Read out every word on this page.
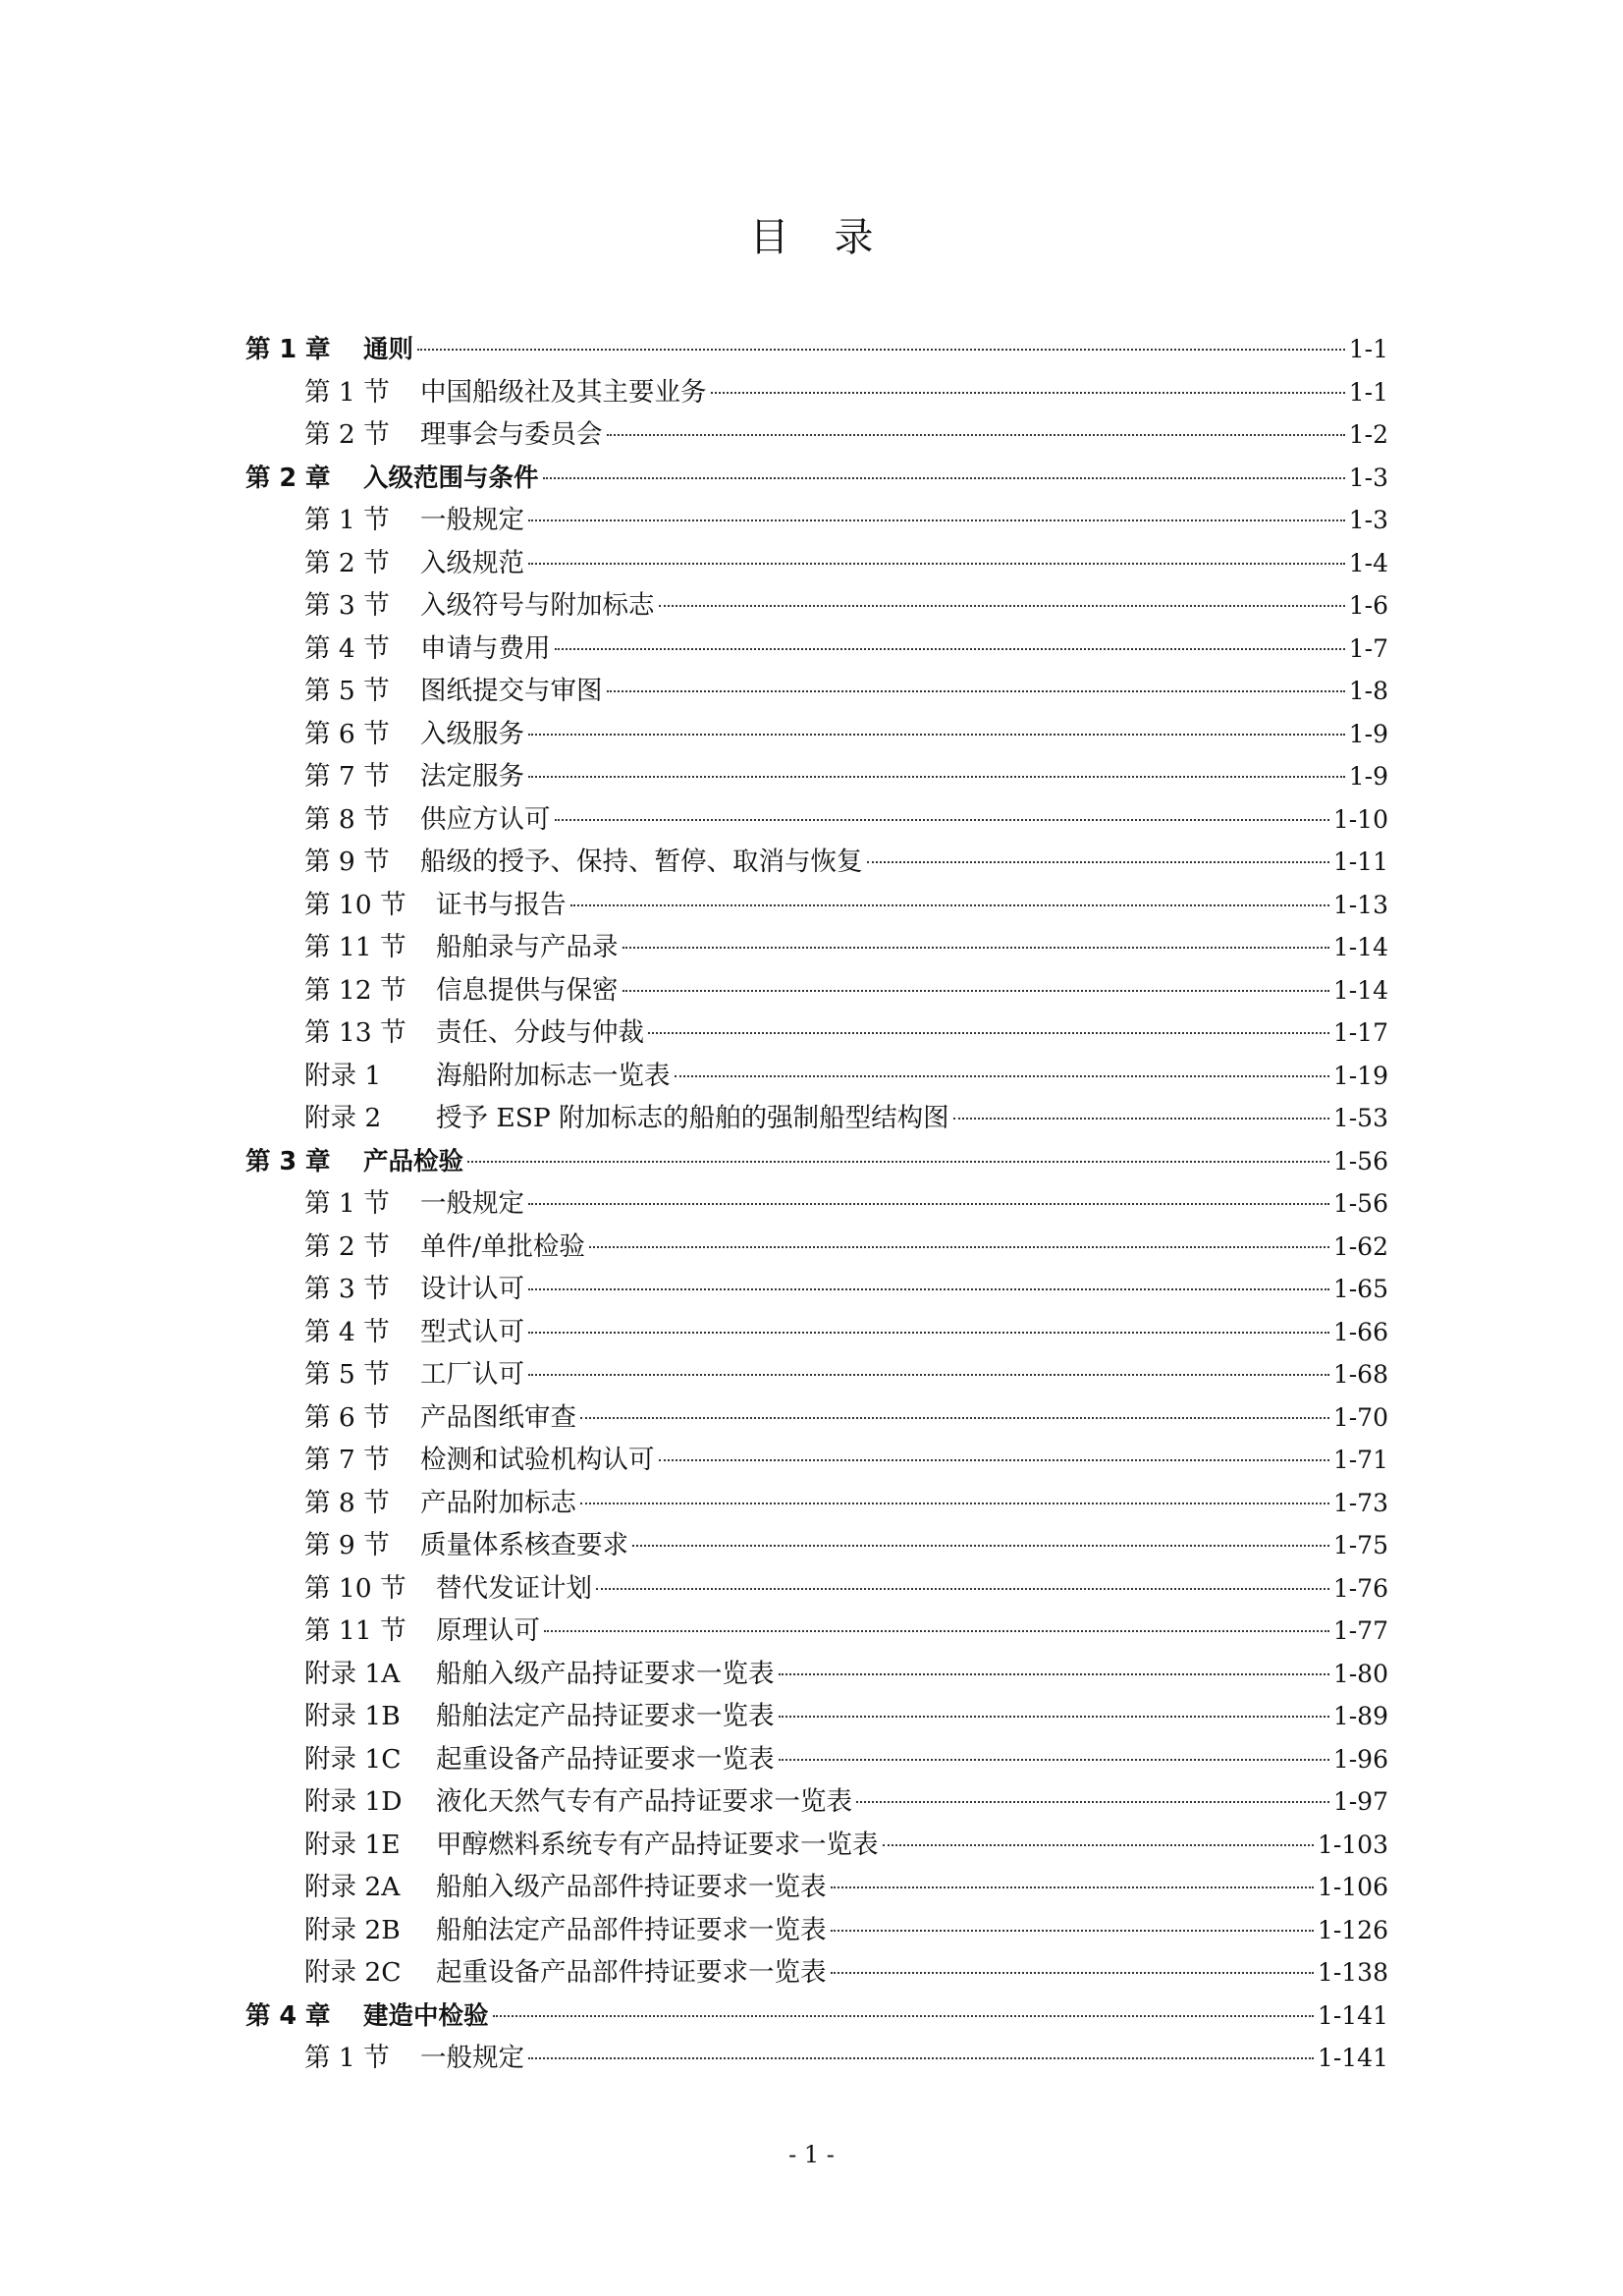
目录
第 1 章	通则	1-1
第 1 节	中国船级社及其主要业务	1-1
第 2 节	理事会与委员会	1-2
第 2 章	入级范围与条件	1-3
第 1 节	一般规定	1-3
第 2 节	入级规范	1-4
第 3 节	入级符号与附加标志	1-6
第 4 节	申请与费用	1-7
第 5 节	图纸提交与审图	1-8
第 6 节	入级服务	1-9
第 7 节	法定服务	1-9
第 8 节	供应方认可	1-10
第 9 节	船级的授予、保持、暂停、取消与恢复	1-11
第 10 节	证书与报告	1-13
第 11 节	船舶录与产品录	1-14
第 12 节	信息提供与保密	1-14
第 13 节	责任、分歧与仲裁	1-17
附录 1	海船附加标志一览表	1-19
附录 2	授予 ESP 附加标志的船舶的强制船型结构图	1-53
第 3 章	产品检验	1-56
第 1 节	一般规定	1-56
第 2 节	单件/单批检验	1-62
第 3 节	设计认可	1-65
第 4 节	型式认可	1-66
第 5 节	工厂认可	1-68
第 6 节	产品图纸审查	1-70
第 7 节	检测和试验机构认可	1-71
第 8 节	产品附加标志	1-73
第 9 节	质量体系核查要求	1-75
第 10 节	替代发证计划	1-76
第 11 节	原理认可	1-77
附录 1A	船舶入级产品持证要求一览表	1-80
附录 1B	船舶法定产品持证要求一览表	1-89
附录 1C	起重设备产品持证要求一览表	1-96
附录 1D	液化天然气专有产品持证要求一览表	1-97
附录 1E	甲醇燃料系统专有产品持证要求一览表	1-103
附录 2A	船舶入级产品部件持证要求一览表	1-106
附录 2B	船舶法定产品部件持证要求一览表	1-126
附录 2C	起重设备产品部件持证要求一览表	1-138
第 4 章	建造中检验	1-141
第 1 节	一般规定	1-141
- 1 -
